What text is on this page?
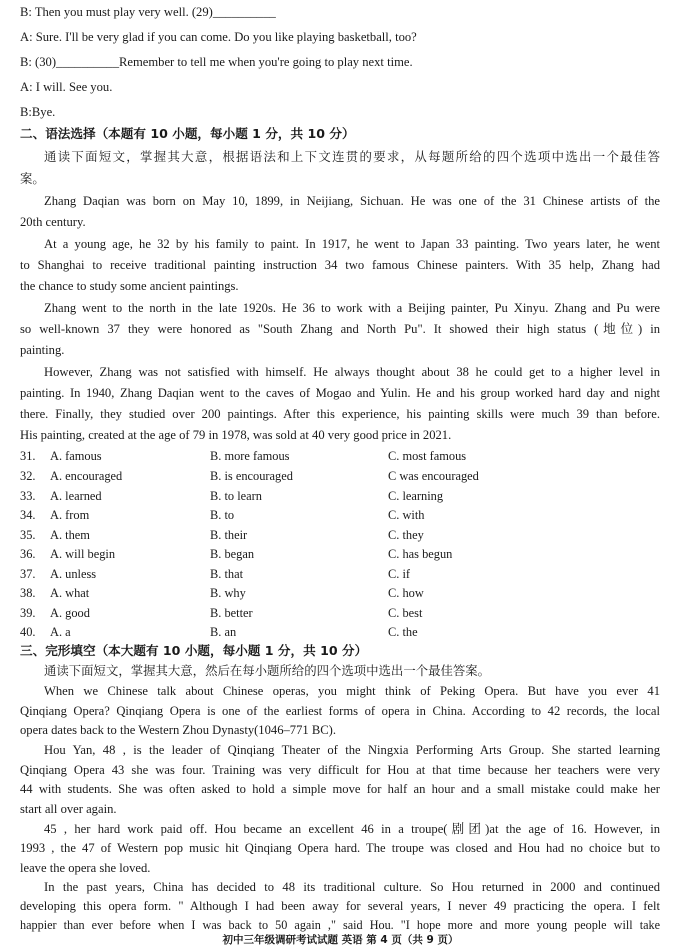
B: Then you must play very well. (29)__________
A: Sure. I'll be very glad if you can come. Do you like playing basketball, too?
B: (30)__________Remember to tell me when you're going to play next time.
A: I will. See you.
B:Bye.
二、语法选择（本题有 10 小题，每小题 1 分，共 10 分）
通读下面短文，掌握其大意，根据语法和上下文连贯的要求，从每题所给的四个选项中选出一个最佳答
案。
Zhang Daqian was born on May 10, 1899, in Neijiang, Sichuan. He was one of the 31 Chinese artists of the
20th century.
At a young age, he 32 by his family to paint. In 1917, he went to Japan 33 painting. Two years later, he went
to Shanghai to receive traditional painting instruction 34 two famous Chinese painters. With 35 help, Zhang had
the chance to study some ancient paintings.
Zhang went to the north in the late 1920s. He 36 to work with a Beijing painter, Pu Xinyu. Zhang and Pu were
so well-known 37 they were honored as "South Zhang and North Pu". It showed their high status (地位) in
painting.
However, Zhang was not satisfied with himself. He always thought about 38 he could get to a higher level in
painting. In 1940, Zhang Daqian went to the caves of Mogao and Yulin. He and his group worked hard day and night
there. Finally, they studied over 200 paintings. After this experience, his painting skills were much 39 than before.
His painting, created at the age of 79 in 1978, was sold at 40 very good price in 2021.
31. A. famous	B. more famous	C. most famous
32. A. encouraged	B. is encouraged	C was encouraged
33. A. learned	B. to learn	C. learning
34. A. from	B. to	C. with
35. A. them	B. their	C. they
36. A. will begin	B. began	C. has begun
37. A. unless	B. that	C. if
38. A. what	B. why	C. how
39. A. good	B. better	C. best
40. A. a	B. an	C. the
三、完形填空（本大题有 10 小题，每小题 1 分，共 10 分）
通读下面短文，掌握其大意，然后在每小题所给的四个选项中选出一个最佳答案。
When we Chinese talk about Chinese operas, you might think of Peking Opera. But have you ever 41
Qinqiang Opera? Qinqiang Opera is one of the earliest forms of opera in China. According to 42 records, the local
opera dates back to the Western Zhou Dynasty(1046–771 BC).
Hou Yan, 48 , is the leader of Qinqiang Theater of the Ningxia Performing Arts Group. She started learning
Qinqiang Opera 43 she was four. Training was very difficult for Hou at that time because her teachers were very
44 with students. She was often asked to hold a simple move for half an hour and a small mistake could make her
start all over again.
45 , her hard work paid off. Hou became an excellent 46 in a troupe(剧团)at the age of 16. However, in
1993 , the 47 of Western pop music hit Qinqiang Opera hard. The troupe was closed and Hou had no choice but to
leave the opera she loved.
In the past years, China has decided to 48 its traditional culture. So Hou returned in 2000 and continued
developing this opera form. " Although I had been away for several years, I never 49 practicing the opera. I felt
happier than ever before when I was back to 50 again ," said Hou. "I hope more and more young people will take
初中三年级调研考试试题 英语 第 4 页（共 9 页）
